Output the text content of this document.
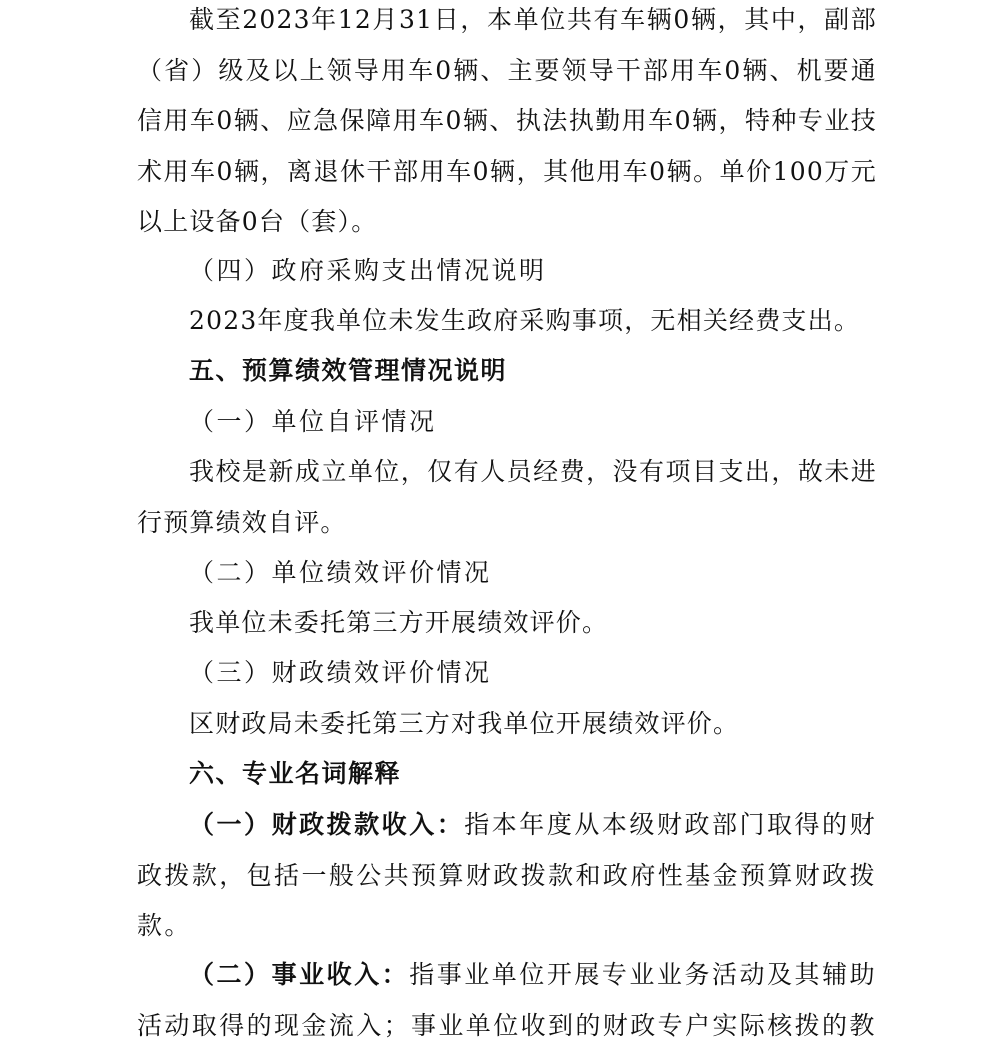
截至2023年12月31日，本单位共有车辆0辆，其中，副部（省）级及以上领导用车0辆、主要领导干部用车0辆、机要通信用车0辆、应急保障用车0辆、执法执勤用车0辆，特种专业技术用车0辆，离退休干部用车0辆，其他用车0辆。单价100万元以上设备0台（套）。

（四）政府采购支出情况说明

2023年度我单位未发生政府采购事项，无相关经费支出。

五、预算绩效管理情况说明

（一）单位自评情况

我校是新成立单位，仅有人员经费，没有项目支出，故未进行预算绩效自评。

（二）单位绩效评价情况

我单位未委托第三方开展绩效评价。

（三）财政绩效评价情况

区财政局未委托第三方对我单位开展绩效评价。

六、专业名词解释

（一）财政拨款收入：指本年度从本级财政部门取得的财政拨款，包括一般公共预算财政拨款和政府性基金预算财政拨款。

（二）事业收入：指事业单位开展专业业务活动及其辅助活动取得的现金流入；事业单位收到的财政专户实际核拨的教
